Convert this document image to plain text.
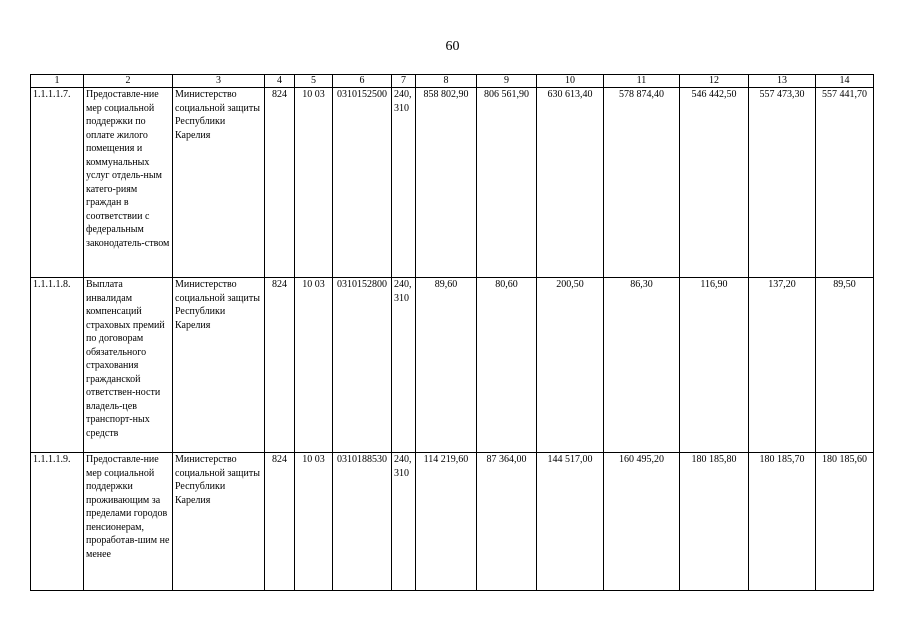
60
1	2	3	4	5	6	7	8	9	10	11	12	13	14
1.1.1.1.7.	Предоставле-ние мер социальной поддержки по оплате жилого помещения и коммунальных услуг отдель-ным катего-риям граждан в соответствии с федеральным законодатель-ством	Министерство социальной защиты Республики Карелия	824	10 03	0310152500	240, 310	858 802,90	806 561,90	630 613,40	578 874,40	546 442,50	557 473,30	557 441,70
1.1.1.1.8.	Выплата инвалидам компенсаций страховых премий по договорам обязательного страхования гражданской ответствен-ности владель-цев транспорт-ных средств	Министерство социальной защиты Республики Карелия	824	10 03	0310152800	240, 310	89,60	80,60	200,50	86,30	116,90	137,20	89,50
1.1.1.1.9.	Предоставле-ние мер социальной поддержки проживающим за пределами городов пенсионерам, проработав-шим не менее	Министерство социальной защиты Республики Карелия	824	10 03	0310188530	240, 310	114 219,60	87 364,00	144 517,00	160 495,20	180 185,80	180 185,70	180 185,60
